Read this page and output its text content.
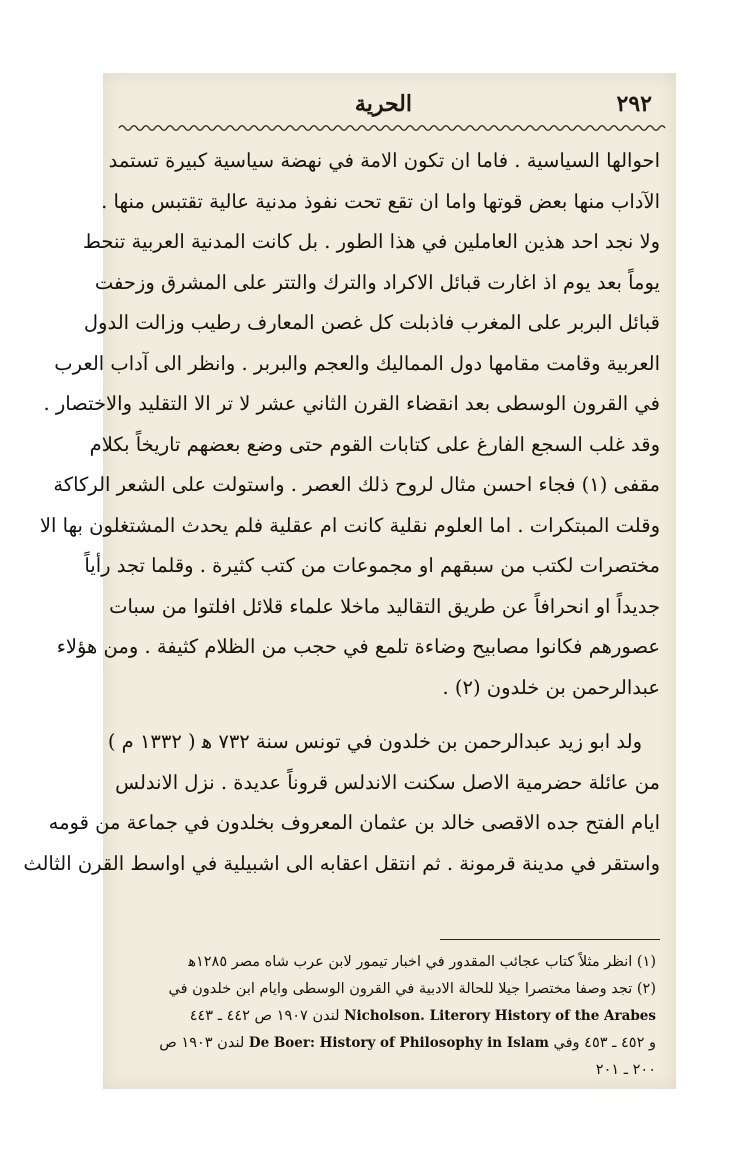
٢٩٢
الحرية
احوالها السياسية . فاما ان تكون الامة في نهضة سياسية كبيرة تستمد
الآداب منها بعض قوتها واما ان تقع تحت نفوذ مدنية عالية تقتبس منها .
ولا نجد احد هذين العاملين في هذا الطور . بل كانت المدنية العربية تنحط
يوماً بعد يوم اذ اغارت قبائل الاكراد والترك والتتر على المشرق وزحفت
قبائل البربر على المغرب فاذبلت كل غصن المعارف رطيب وزالت الدول
العربية وقامت مقامها دول المماليك والعجم والبربر . وانظر الى آداب العرب
في القرون الوسطى بعد انقضاء القرن الثاني عشر لا تر الا التقليد والاختصار .
وقد غلب السجع الفارغ على كتابات القوم حتى وضع بعضهم تاريخاً بكلام
مقفى (١) فجاء احسن مثال لروح ذلك العصر . واستولت على الشعر الركاكة
وقلت المبتكرات . اما العلوم نقلية كانت ام عقلية فلم يحدث المشتغلون بها الا
مختصرات لكتب من سبقهم او مجموعات من كتب كثيرة . وقلما تجد رأياً
جديداً او انحرافاً عن طريق التقاليد ماخلا علماء قلائل افلتوا من سبات
عصورهم فكانوا مصابيح وضاءة تلمع في حجب من الظلام كثيفة . ومن هؤلاء
عبدالرحمن بن خلدون (٢) .
ولد ابو زيد عبدالرحمن بن خلدون في تونس سنة ٧٣٢ ﻫ ( ١٣٣٢ م )
من عائلة حضرمية الاصل سكنت الاندلس قروناً عديدة . نزل الاندلس
ايام الفتح جده الاقصى خالد بن عثمان المعروف بخلدون في جماعة من قومه
واستقر في مدينة قرمونة . ثم انتقل اعقابه الى اشبيلية في اواسط القرن الثالث
(١) انظر مثلاً كتاب عجائب المقدور في اخبار تيمور لابن عرب شاه مصر ١٢٨٥ﻫ
(٢) تجد وصفا مختصرا جيلا للحالة الادبية في القرون الوسطى وايام ابن خلدون في
Nicholson. Literory History of the Arabes لندن ١٩٠٧ ص ٤٤٢ ـ ٤٤٣
و ٤٥٢ ـ ٤٥٣ وفي De Boer: History of Philosophy in Islam لندن ١٩٠٣ ص
٢٠٠ ـ ٢٠١
